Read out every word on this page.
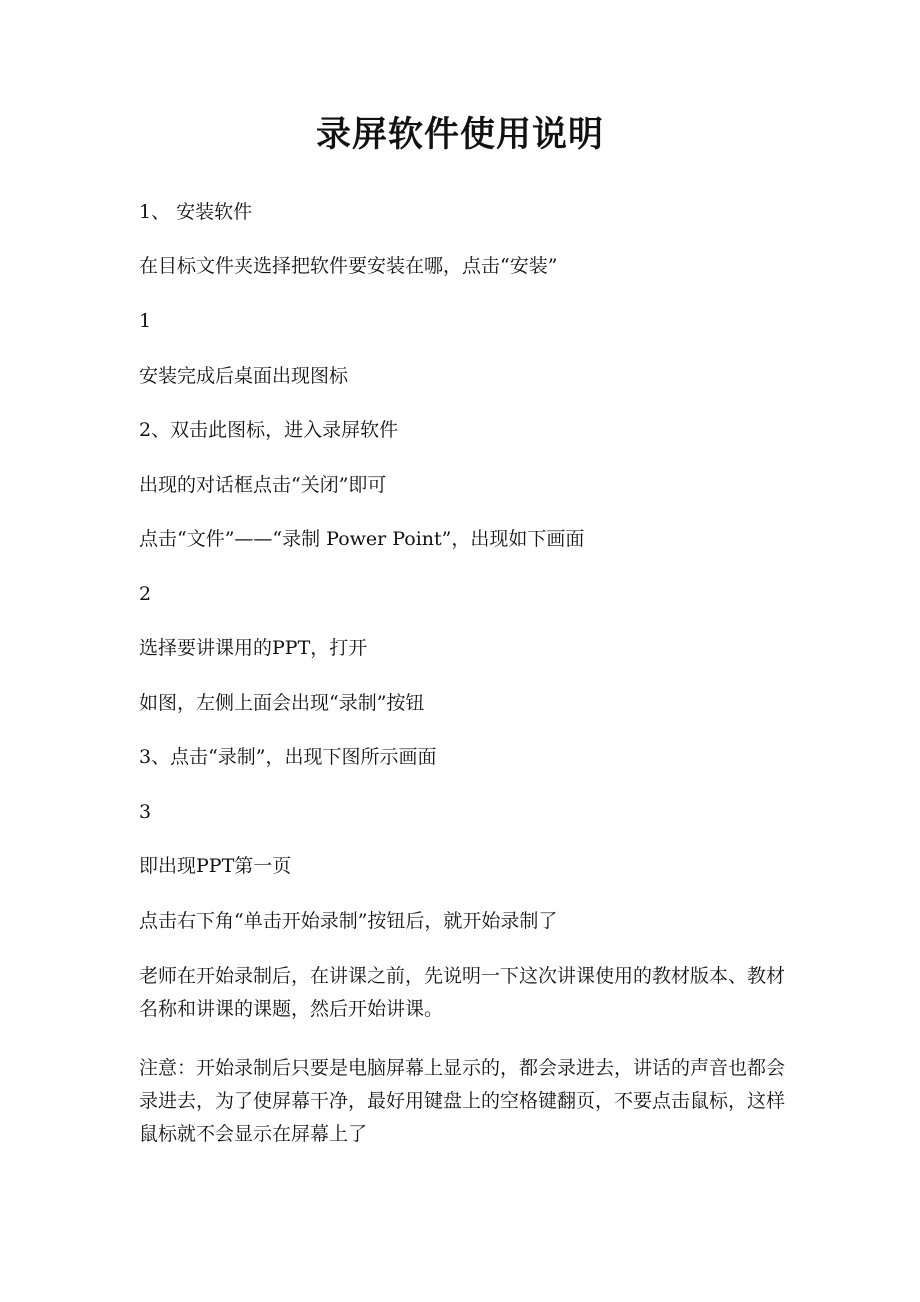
录屏软件使用说明

1、 安装软件

在目标文件夹选择把软件要安装在哪，点击“安装”

1

安装完成后桌面出现图标

2、双击此图标，进入录屏软件

出现的对话框点击“关闭”即可

点击“文件”——“录制 Power Point”，出现如下画面

2

选择要讲课用的PPT，打开

如图，左侧上面会出现“录制”按钮

3、点击“录制”，出现下图所示画面

3

即出现PPT第一页

点击右下角“单击开始录制”按钮后，就开始录制了

老师在开始录制后，在讲课之前，先说明一下这次讲课使用的教材版本、教材名称和讲课的课题，然后开始讲课。

注意：开始录制后只要是电脑屏幕上显示的，都会录进去，讲话的声音也都会录进去，为了使屏幕干净，最好用键盘上的空格键翻页，不要点击鼠标，这样鼠标就不会显示在屏幕上了
